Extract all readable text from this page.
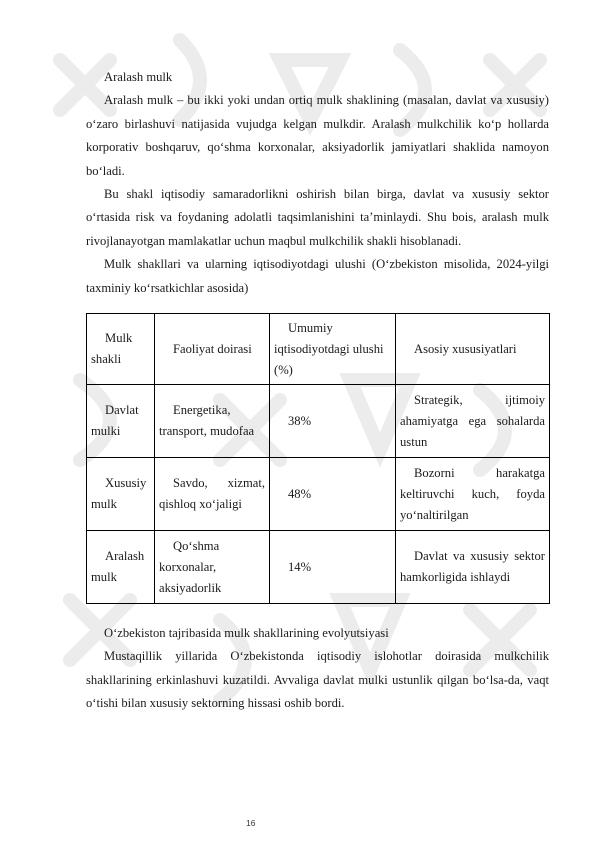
Aralash mulk

Aralash mulk – bu ikki yoki undan ortiq mulk shaklining (masalan, davlat va xususiy) o‘zaro birlashuvi natijasida vujudga kelgan mulkdir. Aralash mulkchilik ko‘p hollarda korporativ boshqaruv, qo‘shma korxonalar, aksiyadorlik jamiyatlari shaklida namoyon bo‘ladi.

Bu shakl iqtisodiy samaradorlikni oshirish bilan birga, davlat va xususiy sektor o‘rtasida risk va foydaning adolatli taqsimlanishini ta’minlaydi. Shu bois, aralash mulk rivojlanayotgan mamlakatlar uchun maqbul mulkchilik shakli hisoblanadi.

Mulk shakllari va ularning iqtisodiyotdagi ulushi (O‘zbekiston misolida, 2024-yilgi taxminiy ko‘rsatkichlar asosida)

Mulk shakli	Faoliyat doirasi	Umumiy iqtisodiyotdagi ulushi (%)	Asosiy xususiyatlari
Davlat mulki	Energetika, transport, mudofaa	38%	Strategik, ijtimoiy ahamiyatga ega sohalarda ustun
Xususiy mulk	Savdo, xizmat, qishloq xo‘jaligi	48%	Bozorni harakatga keltiruvchi kuch, foyda yo‘naltirilgan
Aralash mulk	Qo‘shma korxonalar, aksiyadorlik	14%	Davlat va xususiy sektor hamkorligida ishlaydi

O‘zbekiston tajribasida mulk shakllarining evolyutsiyasi

Mustaqillik yillarida O‘zbekistonda iqtisodiy islohotlar doirasida mulkchilik shakllarining erkinlashuvi kuzatildi. Avvaliga davlat mulki ustunlik qilgan bo‘lsa-da, vaqt o‘tishi bilan xususiy sektorning hissasi oshib bordi.

16
